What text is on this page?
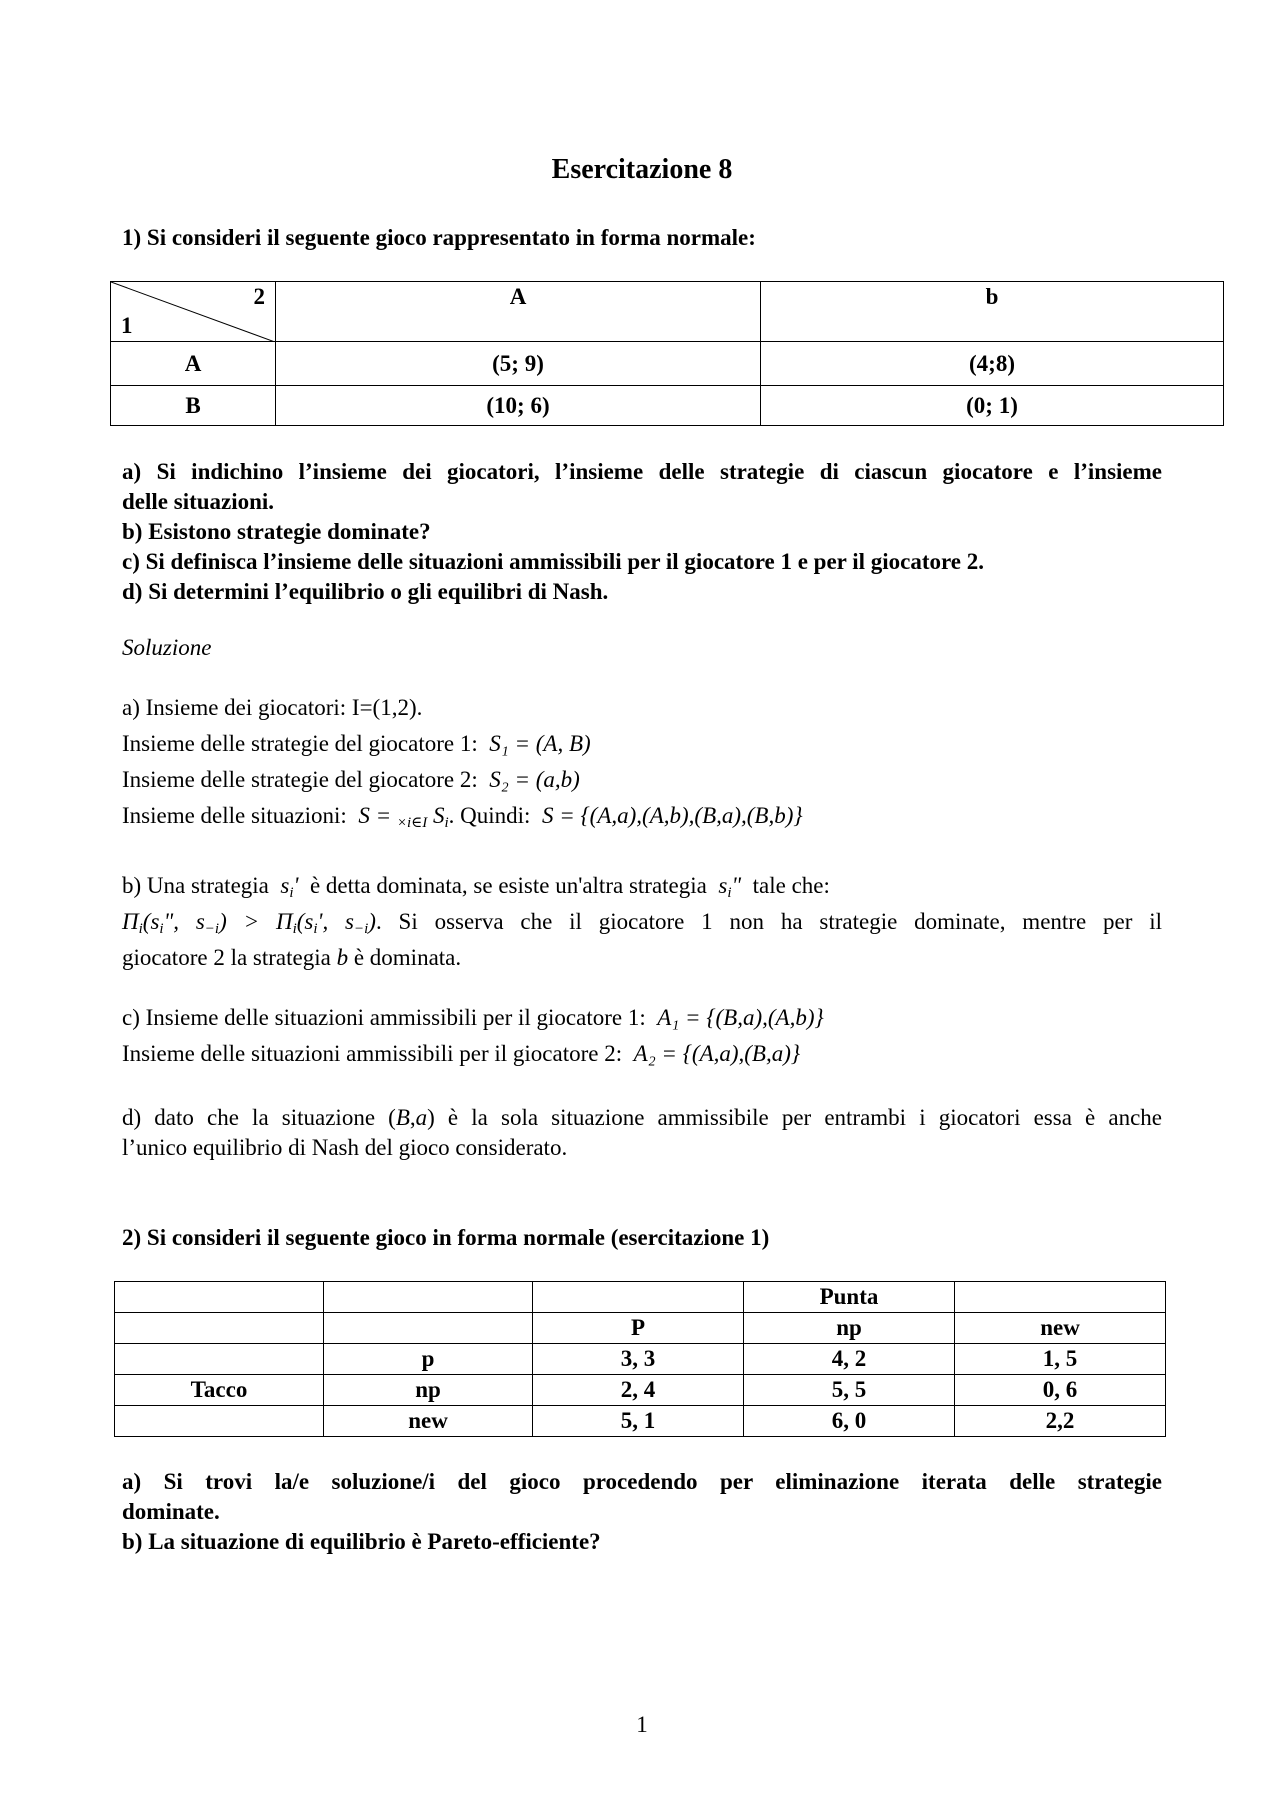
Esercitazione 8
1) Si consideri il seguente gioco rappresentato in forma normale:
2
1	A	b
A	(5; 9)	(4;8)
B	(10; 6)	(0; 1)
a) Si indichino l’insieme dei giocatori, l’insieme delle strategie di ciascun giocatore e l’insieme
delle situazioni.
b) Esistono strategie dominate?
c) Si definisca l’insieme delle situazioni ammissibili per il giocatore 1 e per il giocatore 2.
d) Si determini l’equilibrio o gli equilibri di Nash.
Soluzione
a) Insieme dei giocatori: I=(1,2).
Insieme delle strategie del giocatore 1: S₁ = (A, B)
Insieme delle strategie del giocatore 2: S₂ = (a,b)
Insieme delle situazioni: S = ×i∈I Si. Quindi: S = {(A,a),(A,b),(B,a),(B,b)}
b) Una strategia si' è detta dominata, se esiste un'altra strategia si" tale che:
Πi(si", s−i) > Πi(si', s−i). Si osserva che il giocatore 1 non ha strategie dominate, mentre per il
giocatore 2 la strategia b è dominata.
c) Insieme delle situazioni ammissibili per il giocatore 1: A₁ = {(B,a),(A,b)}
Insieme delle situazioni ammissibili per il giocatore 2: A₂ = {(A,a),(B,a)}
d) dato che la situazione (B,a) è la sola situazione ammissibile per entrambi i giocatori essa è anche
l’unico equilibrio di Nash del gioco considerato.
2) Si consideri il seguente gioco in forma normale (esercitazione 1)
			Punta	
		P	np	new
	p	3, 3	4, 2	1, 5
Tacco	np	2, 4	5, 5	0, 6
	new	5, 1	6, 0	2,2
a) Si trovi la/e soluzione/i del gioco procedendo per eliminazione iterata delle strategie
dominate.
b) La situazione di equilibrio è Pareto-efficiente?
1
